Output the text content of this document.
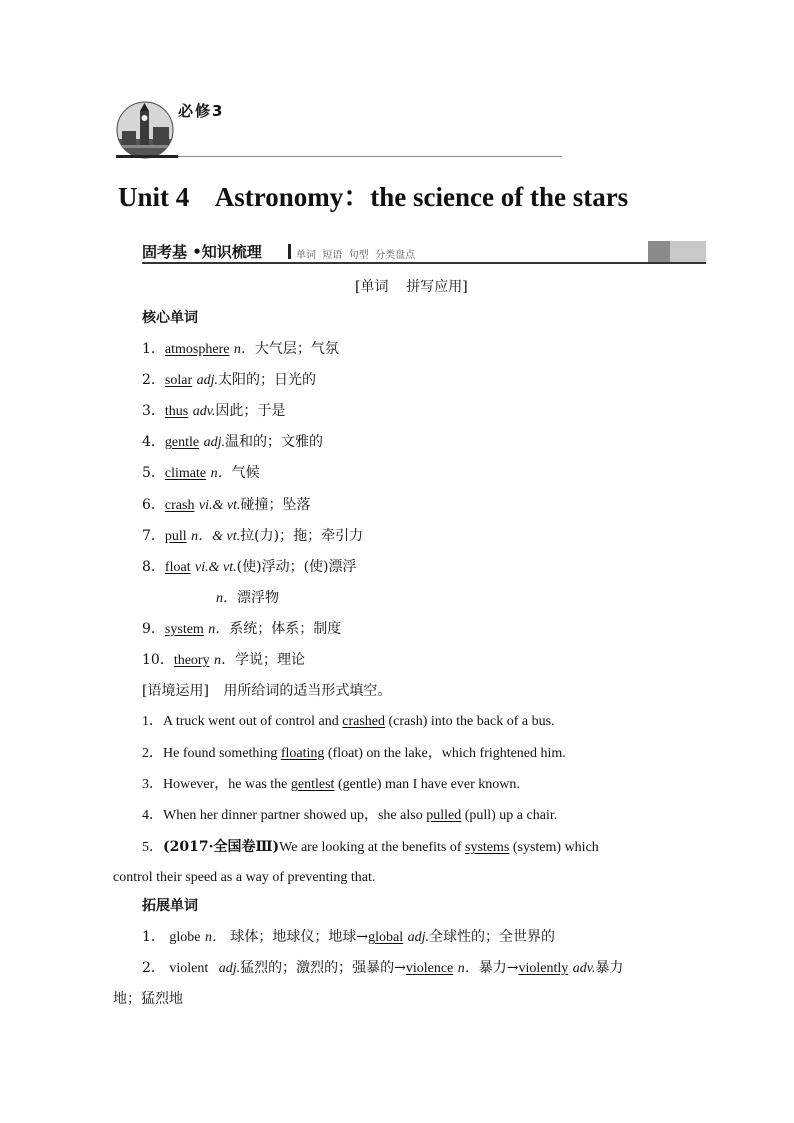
必修3
Unit 4    Astronomy：the science of the stars
固考基 •知识梳理	单词  短语  句型  分类盘点
[单词    拼写应用]
核心单词
1．atmosphere n．大气层；气氛
2．solar adj.太阳的；日光的
3．thus adv.因此；于是
4．gentle adj.温和的；文雅的
5．climate n．气候
6．crash vi.& vt.碰撞；坠落
7．pull n．& vt.拉(力)；拖；牵引力
8．float vi.& vt.(使)浮动；(使)漂浮
n．漂浮物
9．system n．系统；体系；制度
10．theory n．学说；理论
[语境运用] 用所给词的适当形式填空。
1．A truck went out of control and crashed (crash) into the back of a bus.
2．He found something floating (float) on the lake，which frightened him.
3．However，he was the gentlest (gentle) man I have ever known.
4．When her dinner partner showed up，she also pulled (pull) up a chair.
5．(2017·全国卷Ⅲ)We are looking at the benefits of systems (system) which
control their speed as a way of preventing that.
拓展单词
1． globe n． 球体；地球仪；地球→global adj.全球性的；全世界的
2． violent adj.猛烈的；激烈的；强暴的→violence n．暴力→violently adv.暴力
地；猛烈地
